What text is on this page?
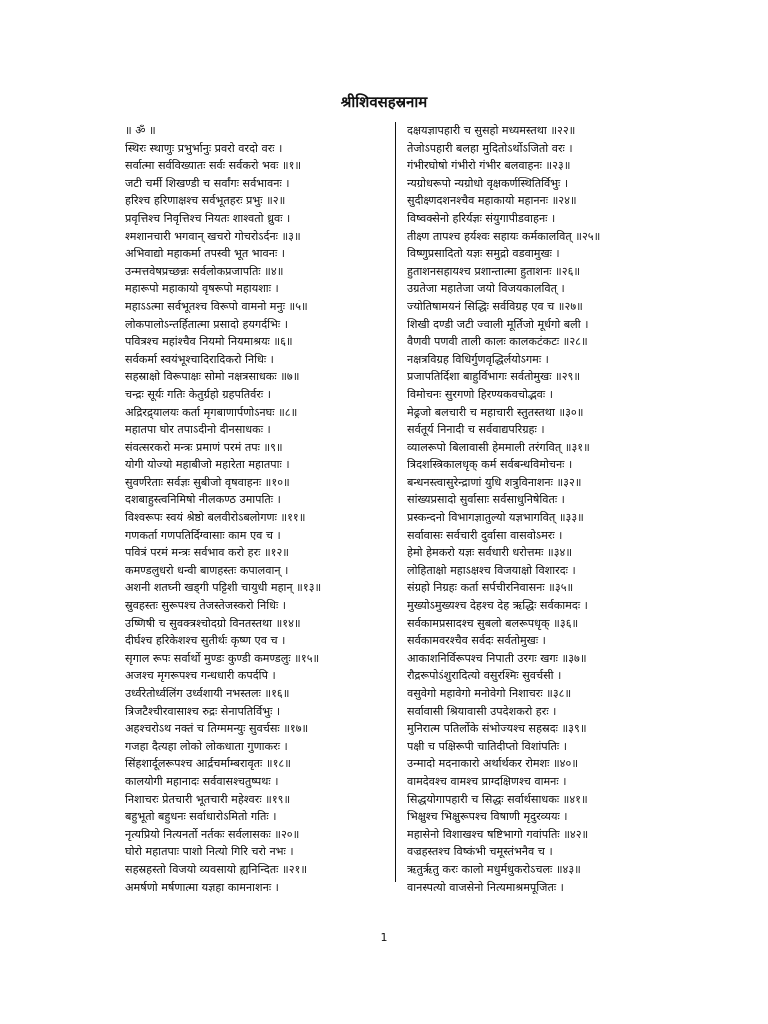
श्रीशिवसहस्रनाम
॥ ॐ ॥
स्थिरः स्थाणुः प्रभुर्भानुः प्रवरो वरदो वरः ।
सर्वात्मा सर्वविख्यातः सर्वः सर्वकरो भवः ॥१॥
जटी चर्मी शिखण्डी च सर्वांगः सर्वभावनः ।
हरिश्च हरिणाक्षश्च सर्वभूतहरः प्रभुः ॥२॥
प्रवृत्तिश्च निवृत्तिश्च नियतः शाश्वतो ध्रुवः ।
श्मशानचारी भगवान् खचरो गोचरोऽर्दनः ॥३॥
अभिवाद्यो महाकर्मा तपस्वी भूत भावनः ।
उन्मत्तवेषप्रच्छन्नः सर्वलोकप्रजापतिः ॥४॥
महारूपो महाकायो वृषरूपो महायशाः ।
महाऽऽत्मा सर्वभूतश्च विरूपो वामनो मनुः ॥५॥
लोकपालोऽन्तर्हितात्मा प्रसादो हयगर्दभिः ।
पवित्रश्च महांश्चैव नियमो नियमाश्रयः ॥६॥
सर्वकर्मा स्वयंभूश्चादिरादिकरो निधिः ।
सहस्राक्षो विरूपाक्षः सोमो नक्षत्रसाधकः ॥७॥
चन्द्रः सूर्यः गतिः केतुर्ग्रहो ग्रहपतिर्वरः ।
अद्रिरद्र्यालयः कर्ता मृगबाणार्पणोऽनघः ॥८॥
महातपा घोर तपाऽदीनो दीनसाधकः ।
संवत्सरकरो मन्त्रः प्रमाणं परमं तपः ॥९॥
योगी योज्यो महाबीजो महारेता महातपाः ।
सुवर्णरेताः सर्वज्ञः सुबीजो वृषवाहनः ॥१०॥
दशबाहुस्त्वनिमिषो नीलकण्ठ उमापतिः ।
विश्वरूपः स्वयं श्रेष्ठो बलवीरोऽबलोगणः ॥११॥
गणकर्ता गणपतिर्दिग्वासाः काम एव च ।
पवित्रं परमं मन्त्रः सर्वभाव करो हरः ॥१२॥
कमण्डलुधरो धन्वी बाणहस्तः कपालवान् ।
अशनी शतघ्नी खड्गी पट्टिशी चायुधी महान् ॥१३॥
स्रुवहस्तः सुरूपश्च तेजस्तेजस्करो निधिः ।
उष्णिषी च सुवक्त्रश्चोदग्रो विनतस्तथा ॥१४॥
दीर्घश्च हरिकेशश्च सुतीर्थः कृष्ण एव च ।
सृगाल रूपः सर्वार्थो मुण्डः कुण्डी कमण्डलुः ॥१५॥
अजश्च मृगरूपश्च गन्धधारी कपर्दपि ।
उर्ध्वरेतोर्ध्वलिंग उर्ध्वशायी नभस्तलः ॥१६॥
त्रिजटैश्चीरवासाश्च रुद्रः सेनापतिर्विभुः ।
अहश्चरोऽथ नक्तं च तिग्ममन्युः सुवर्चसः ॥१७॥
गजहा दैत्यहा लोको लोकधाता गुणाकरः ।
सिंहशार्दूलरूपश्च आर्द्रचर्माम्बरावृतः ॥१८॥
कालयोगी महानादः सर्ववासश्चतुष्पथः ।
निशाचरः प्रेतचारी भूतचारी महेश्वरः ॥१९॥
बहुभूतो बहुधनः सर्वाधारोऽमितो गतिः ।
नृत्यप्रियो नित्यनर्तो नर्तकः सर्वलासकः ॥२०॥
घोरो महातपाः पाशो नित्यो गिरि चरो नभः ।
सहस्रहस्तो विजयो व्यवसायो ह्यनिन्दितः ॥२१॥
अमर्षणो मर्षणात्मा यज्ञहा कामनाशनः ।
दक्षयज्ञापहारी च सुसहो मध्यमस्तथा ॥२२॥
तेजोऽपहारी बलहा मुदितोऽर्थोऽजितो वरः ।
गंभीरघोषो गंभीरो गंभीर बलवाहनः ॥२३॥
न्यग्रोधरूपो न्यग्रोधो वृक्षकर्णस्थितिर्विभुः ।
सुदीक्ष्णदशनश्चैव महाकायो महाननः ॥२४॥
विष्वक्सेनो हरिर्यज्ञः संयुगापीडवाहनः ।
तीक्ष्ण तापश्च हर्यश्वः सहायः कर्मकालवित् ॥२५॥
विष्णुप्रसादितो यज्ञः समुद्रो वडवामुखः ।
हुताशनसहायश्च प्रशान्तात्मा हुताशनः ॥२६॥
उग्रतेजा महातेजा जयो विजयकालवित् ।
ज्योतिषामयनं सिद्धिः सर्वविग्रह एव च ॥२७॥
शिखी दण्डी जटी ज्वाली मूर्तिजो मूर्धगो बली ।
वैणवी पणवी ताली कालः कालकटंकटः ॥२८॥
नक्षत्रविग्रह विधिर्गुणवृद्धिर्लयोऽगमः ।
प्रजापतिर्दिशा बाहुर्विभागः सर्वतोमुखः ॥२९॥
विमोचनः सुरगणो हिरण्यकवचोद्भवः ।
मेढ्रजो बलचारी च महाचारी स्तुतस्तथा ॥३०॥
सर्वतूर्य निनादी च सर्ववाद्यपरिग्रहः ।
व्यालरूपो बिलावासी हेममाली तरंगवित् ॥३१॥
त्रिदशस्त्रिकालधृक् कर्म सर्वबन्धविमोचनः ।
बन्धनस्त्वासुरेन्द्राणां युधि शत्रुविनाशनः ॥३२॥
सांख्यप्रसादो सुर्वासाः सर्वसाधुनिषेवितः ।
प्रस्कन्दनो विभागज्ञातुल्यो यज्ञभागवित् ॥३३॥
सर्वावासः सर्वचारी दुर्वासा वासवोऽमरः ।
हेमो हेमकरो यज्ञः सर्वधारी धरोत्तमः ॥३४॥
लोहिताक्षो महाऽक्षश्च विजयाक्षो विशारदः ।
संग्रहो निग्रहः कर्ता सर्पचीरनिवासनः ॥३५॥
मुख्योऽमुख्यश्च देहश्च देह ऋद्धिः सर्वकामदः ।
सर्वकामप्रसादश्च सुबलो बलरूपधृक् ॥३६॥
सर्वकामवरश्चैव सर्वदः सर्वतोमुखः ।
आकाशनिर्विरूपश्च निपाती उरगः खगः ॥३७॥
रौद्ररूपोऽंशुरादित्यो वसुरश्मिः सुवर्चसी ।
वसुवेगो महावेगो मनोवेगो निशाचरः ॥३८॥
सर्वावासी श्रियावासी उपदेशकरो हरः ।
मुनिरात्म पतिर्लोके संभोज्यश्च सहस्रदः ॥३९॥
पक्षी च पक्षिरूपी चातिदीप्तो विशांपतिः ।
उन्मादो मदनाकारो अर्थार्थकर रोमशः ॥४०॥
वामदेवश्च वामश्च प्राग्दक्षिणश्च वामनः ।
सिद्धयोगापहारी च सिद्धः सर्वार्थसाधकः ॥४१॥
भिक्षुश्च भिक्षुरूपश्च विषाणी मृदुरव्ययः ।
महासेनो विशाखश्च षष्टिभागो गवांपतिः ॥४२॥
वज्रहस्तश्च विष्कंभी चमूस्तंभनैव च ।
ऋतुर्ऋतु करः कालो मधुर्मधुकरोऽचलः ॥४३॥
वानस्पत्यो वाजसेनो नित्यमाश्रमपूजितः ।
1
